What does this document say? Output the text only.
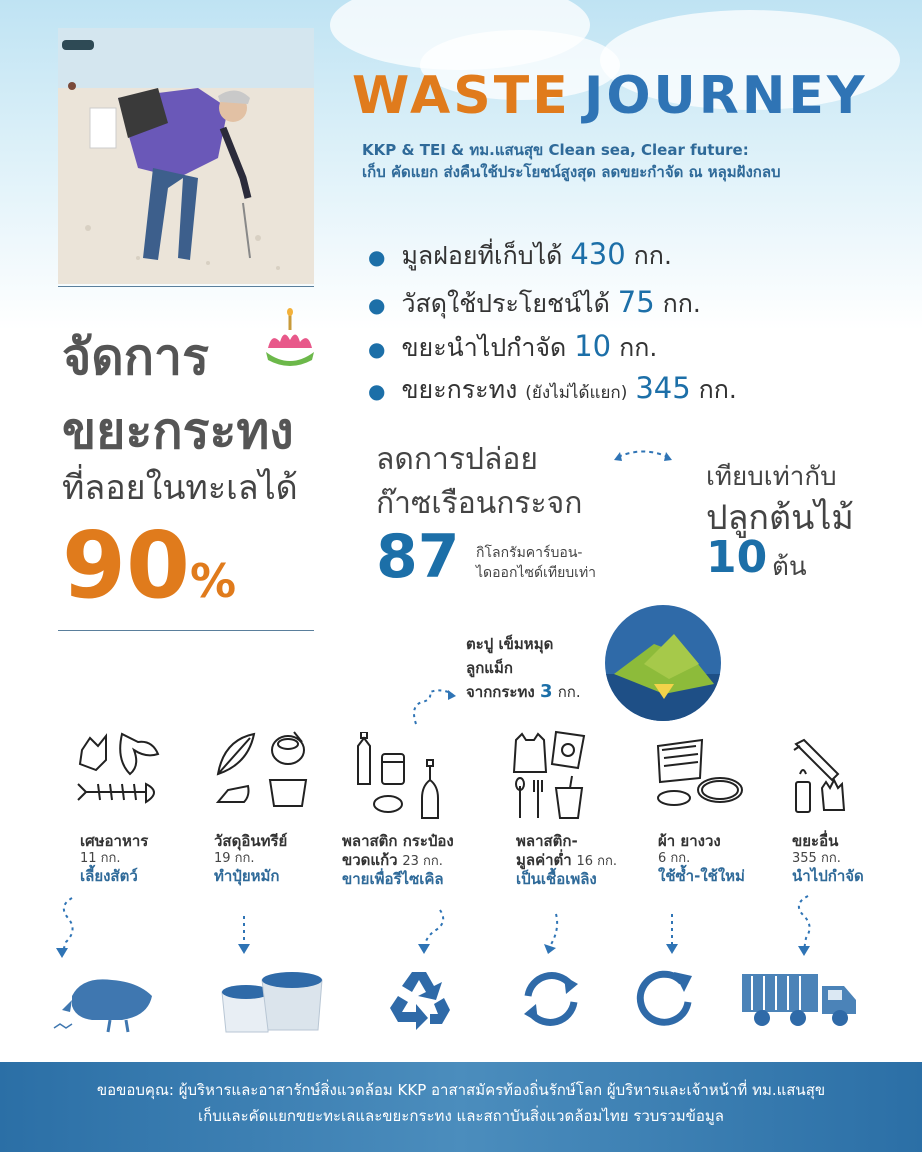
WASTE JOURNEY
KKP & TEI & ทม.แสนสุข Clean sea, Clear future:
เก็บ คัดแยก ส่งคืนใช้ประโยชน์สูงสุด ลดขยะกำจัด ณ หลุมฝังกลบ
● มูลฝอยที่เก็บได้ 430 กก.
● วัสดุใช้ประโยชน์ได้ 75 กก.
● ขยะนำไปกำจัด 10 กก.
● ขยะกระทง (ยังไม่ได้แยก) 345 กก.
จัดการ
ขยะกระทง
ที่ลอยในทะเลได้
90%
ลดการปล่อย
ก๊าซเรือนกระจก
87 กิโลกรัมคาร์บอน-
ไดออกไซด์เทียบเท่า
เทียบเท่ากับ
ปลูกต้นไม้
10 ต้น
ตะปู เข็มหมุด
ลูกแม็ก
จากกระทง 3 กก.
เศษอาหาร
11 กก.
เลี้ยงสัตว์
วัสดุอินทรีย์
19 กก.
ทำปุ๋ยหมัก
พลาสติก กระป๋อง
ขวดแก้ว 23 กก.
ขายเพื่อรีไซเคิล
พลาสติก-
มูลค่าต่ำ 16 กก.
เป็นเชื้อเพลิง
ผ้า ยางวง
6 กก.
ใช้ซ้ำ-ใช้ใหม่
ขยะอื่น
355 กก.
นำไปกำจัด
ขอขอบคุณ: ผู้บริหารและอาสารักษ์สิ่งแวดล้อม KKP อาสาสมัครท้องถิ่นรักษ์โลก ผู้บริหารและเจ้าหน้าที่ ทม.แสนสุข
เก็บและคัดแยกขยะทะเลและขยะกระทง และสถาบันสิ่งแวดล้อมไทย รวบรวมข้อมูล
